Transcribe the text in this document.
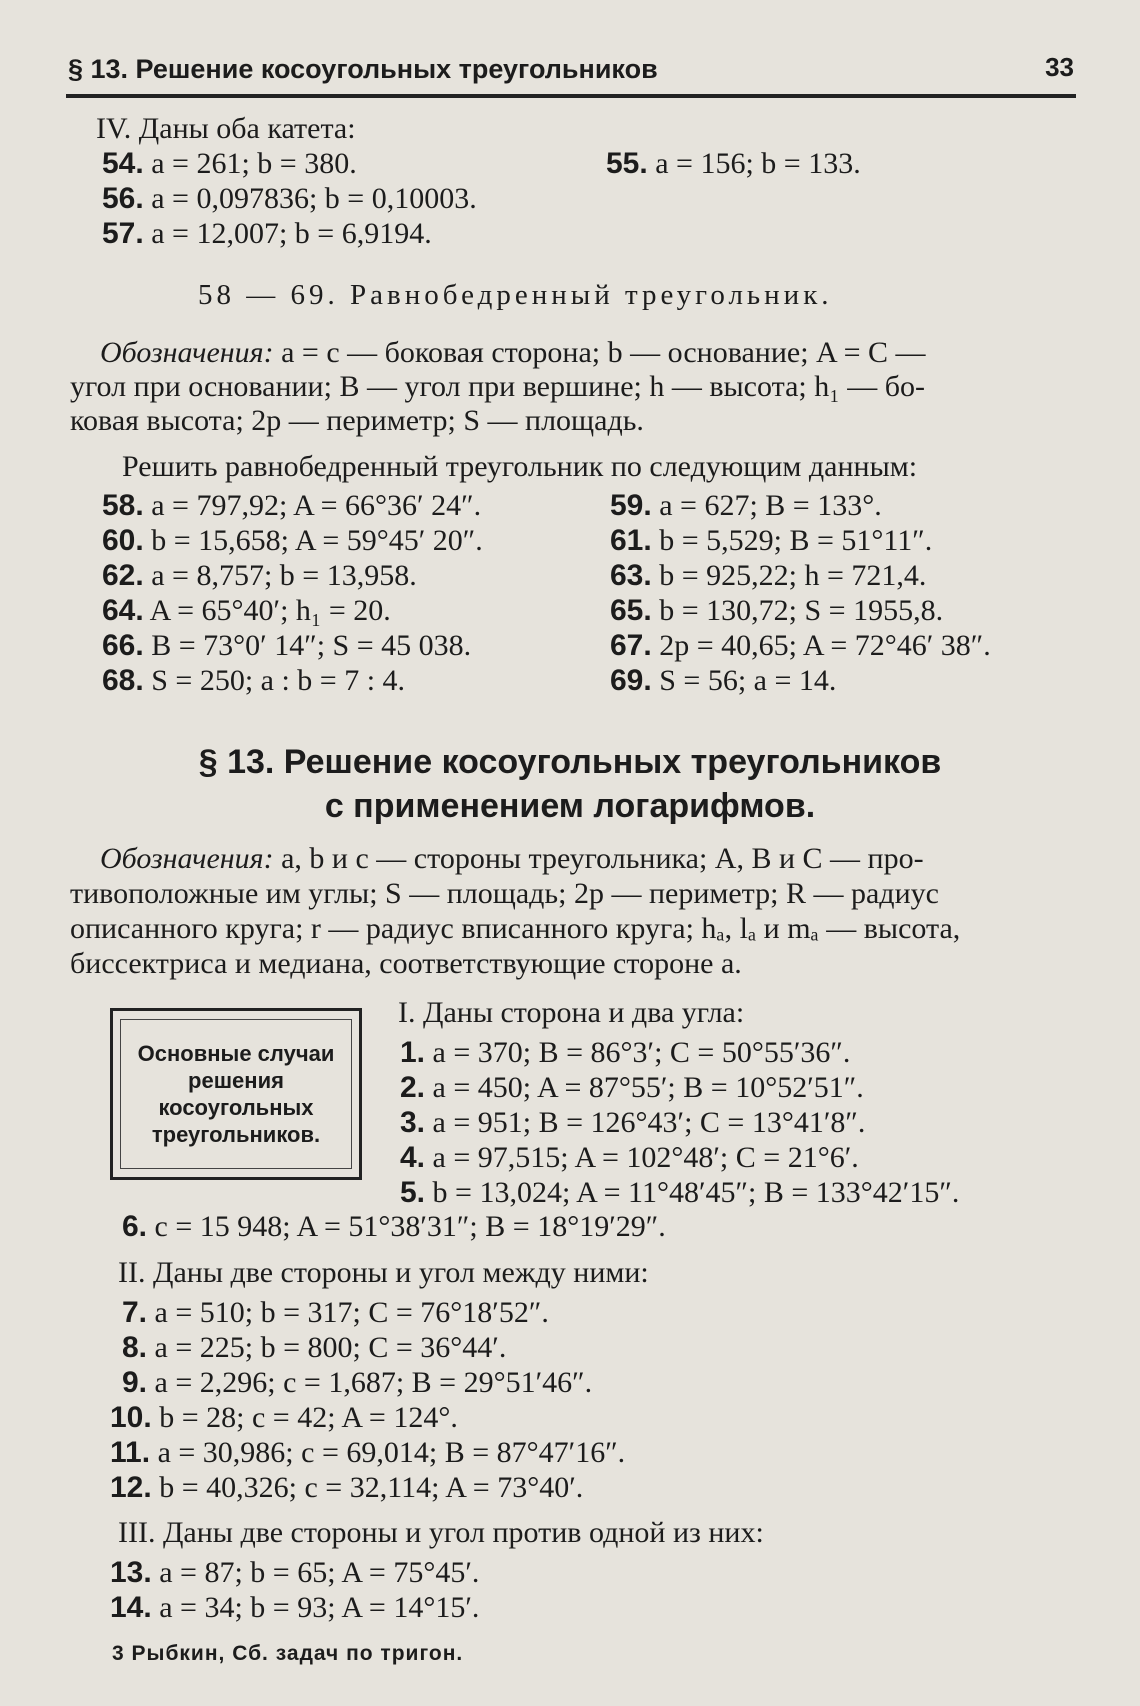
§ 13. Решение косоугольных треугольников	33
IV. Даны оба катета:
54. a = 261; b = 380.	55. a = 156; b = 133.
56. a = 0,097836; b = 0,10003.
57. a = 12,007; b = 6,9194.
58 — 69. Равнобедренный треугольник.
Обозначения: a = c — боковая сторона; b — основание; A = C —
угол при основании; B — угол при вершине; h — высота; h₁ — бо-
ковая высота; 2p — периметр; S — площадь.
Решить равнобедренный треугольник по следующим данным:
58. a = 797,92; A = 66°36′ 24″.	59. a = 627; B = 133°.
60. b = 15,658; A = 59°45′ 20″.	61. b = 5,529; B = 51°11″.
62. a = 8,757; b = 13,958.	63. b = 925,22; h = 721,4.
64. A = 65°40′; h₁ = 20.	65. b = 130,72; S = 1955,8.
66. B = 73°0′ 14″; S = 45 038.	67. 2p = 40,65; A = 72°46′ 38″.
68. S = 250; a : b = 7 : 4.	69. S = 56; a = 14.
§ 13. Решение косоугольных треугольников
с применением логарифмов.
Обозначения: a, b и c — стороны треугольника; A, B и C — про-
тивоположные им углы; S — площадь; 2p — периметр; R — радиус
описанного круга; r — радиус вписанного круга; hₐ, lₐ и mₐ — высота,
биссектриса и медиана, соответствующие стороне a.
Основные случаи решения косоугольных треугольников.
I. Даны сторона и два угла:
1. a = 370; B = 86°3′; C = 50°55′36″.
2. a = 450; A = 87°55′; B = 10°52′51″.
3. a = 951; B = 126°43′; C = 13°41′8″.
4. a = 97,515; A = 102°48′; C = 21°6′.
5. b = 13,024; A = 11°48′45″; B = 133°42′15″.
6. c = 15 948; A = 51°38′31″; B = 18°19′29″.
II. Даны две стороны и угол между ними:
7. a = 510; b = 317; C = 76°18′52″.
8. a = 225; b = 800; C = 36°44′.
9. a = 2,296; c = 1,687; B = 29°51′46″.
10. b = 28; c = 42; A = 124°.
11. a = 30,986; c = 69,014; B = 87°47′16″.
12. b = 40,326; c = 32,114; A = 73°40′.
III. Даны две стороны и угол против одной из них:
13. a = 87; b = 65; A = 75°45′.
14. a = 34; b = 93; A = 14°15′.
3 Рыбкин, Сб. задач по тригон.
